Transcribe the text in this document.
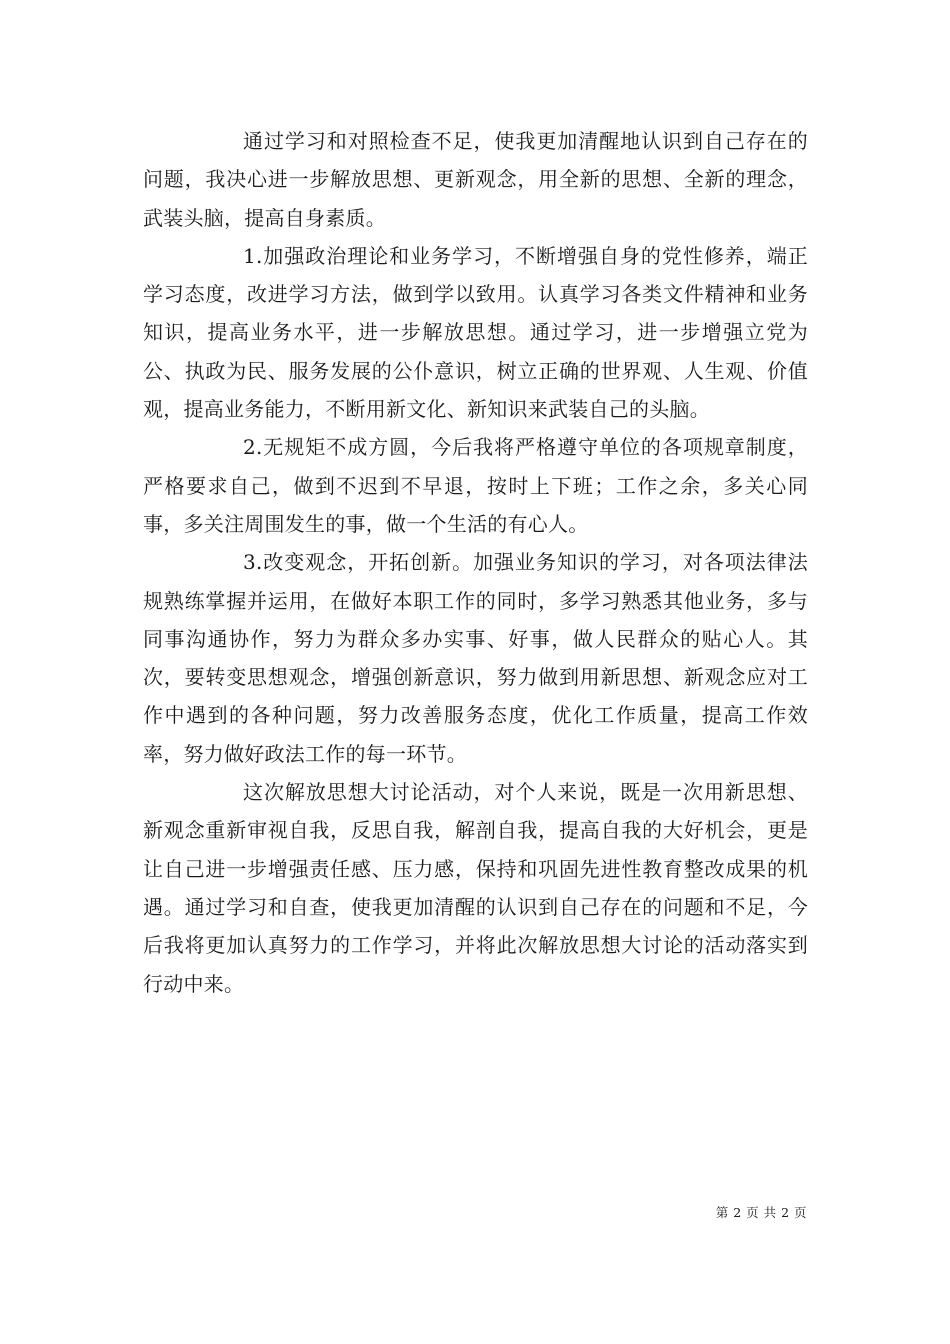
通过学习和对照检查不足，使我更加清醒地认识到自己存在的问题，我决心进一步解放思想、更新观念，用全新的思想、全新的理念，武装头脑，提高自身素质。

1.加强政治理论和业务学习，不断增强自身的党性修养，端正学习态度，改进学习方法，做到学以致用。认真学习各类文件精神和业务知识，提高业务水平，进一步解放思想。通过学习，进一步增强立党为公、执政为民、服务发展的公仆意识，树立正确的世界观、人生观、价值观，提高业务能力，不断用新文化、新知识来武装自己的头脑。

2.无规矩不成方圆，今后我将严格遵守单位的各项规章制度，严格要求自己，做到不迟到不早退，按时上下班；工作之余，多关心同事，多关注周围发生的事，做一个生活的有心人。

3.改变观念，开拓创新。加强业务知识的学习，对各项法律法规熟练掌握并运用，在做好本职工作的同时，多学习熟悉其他业务，多与同事沟通协作，努力为群众多办实事、好事，做人民群众的贴心人。其次，要转变思想观念，增强创新意识，努力做到用新思想、新观念应对工作中遇到的各种问题，努力改善服务态度，优化工作质量，提高工作效率，努力做好政法工作的每一环节。

这次解放思想大讨论活动，对个人来说，既是一次用新思想、新观念重新审视自我，反思自我，解剖自我，提高自我的大好机会，更是让自己进一步增强责任感、压力感，保持和巩固先进性教育整改成果的机遇。通过学习和自查，使我更加清醒的认识到自己存在的问题和不足，今后我将更加认真努力的工作学习，并将此次解放思想大讨论的活动落实到行动中来。

第 2 页 共 2 页
